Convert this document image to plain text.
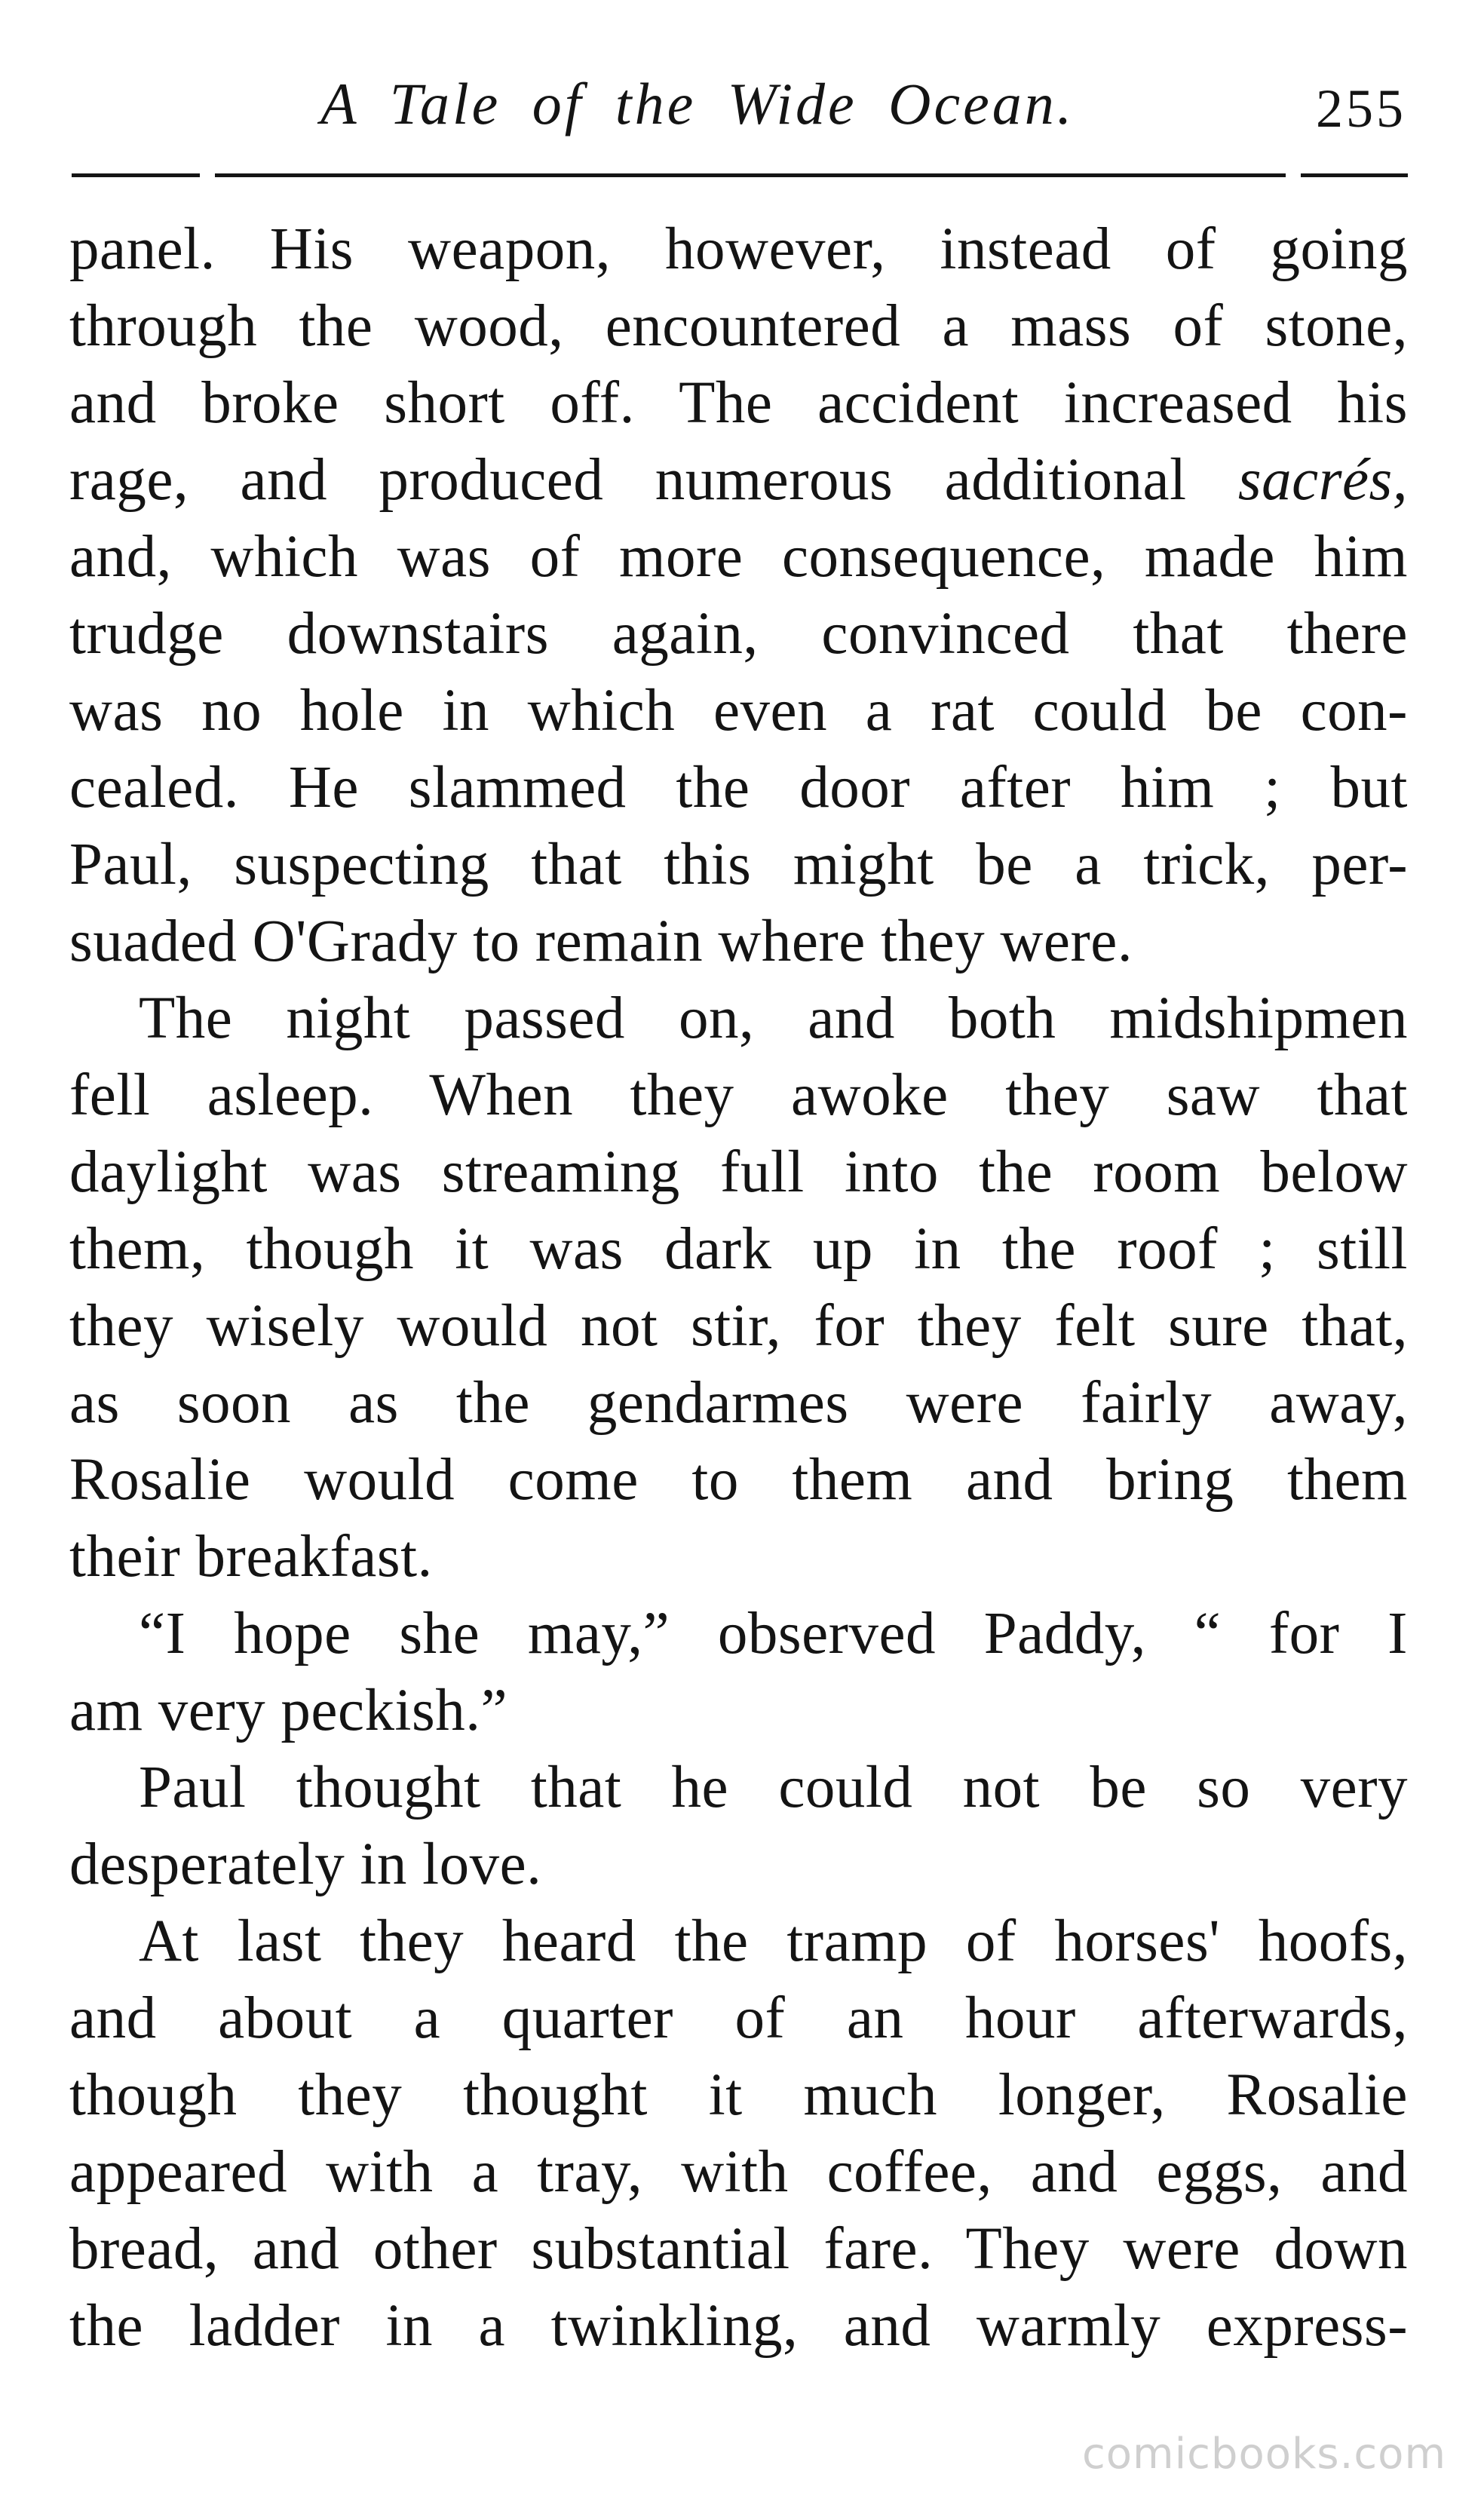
A Tale of the Wide Ocean.	255
panel. His weapon, however, instead of going
through the wood, encountered a mass of stone,
and broke short off. The accident increased his
rage, and produced numerous additional sacrés,
and, which was of more consequence, made him
trudge downstairs again, convinced that there
was no hole in which even a rat could be con-
cealed. He slammed the door after him ; but
Paul, suspecting that this might be a trick, per-
suaded O'Grady to remain where they were.
The night passed on, and both midshipmen
fell asleep. When they awoke they saw that
daylight was streaming full into the room below
them, though it was dark up in the roof ; still
they wisely would not stir, for they felt sure that,
as soon as the gendarmes were fairly away,
Rosalie would come to them and bring them
their breakfast.
“I hope she may,” observed Paddy, “ for I
am very peckish.”
Paul thought that he could not be so very
desperately in love.
At last they heard the tramp of horses' hoofs,
and about a quarter of an hour afterwards,
though they thought it much longer, Rosalie
appeared with a tray, with coffee, and eggs, and
bread, and other substantial fare. They were down
the ladder in a twinkling, and warmly express-
comicbooks.com
